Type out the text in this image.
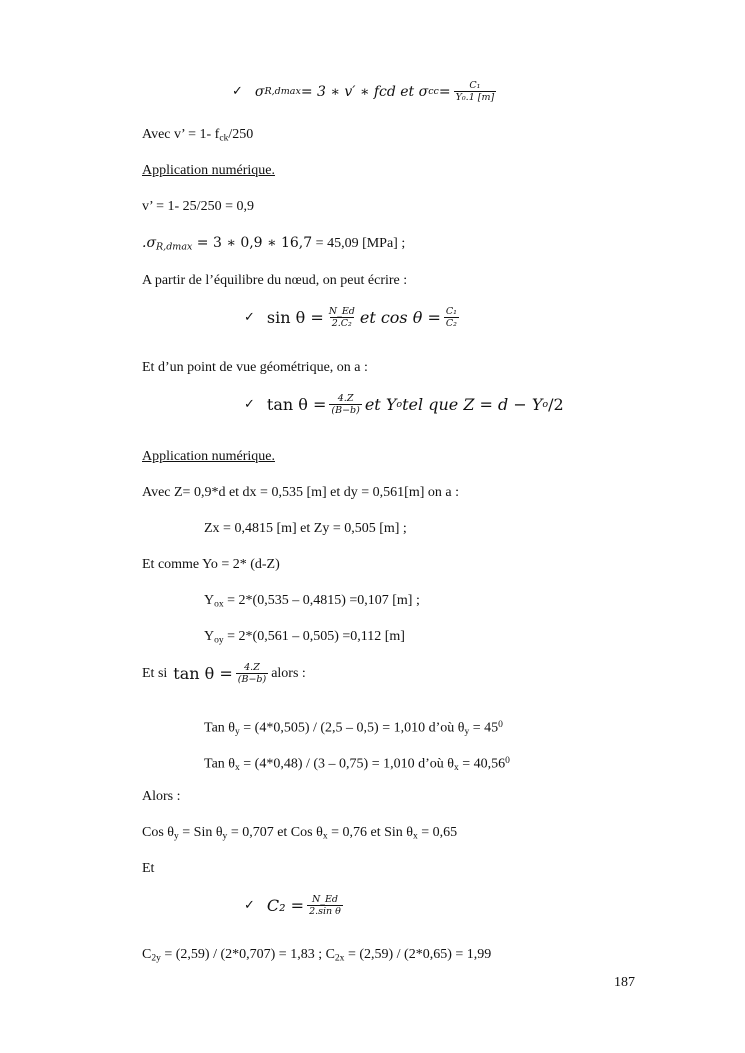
✓ σ R,dmax = 3 ∗ v′ ∗ fcd et σ cc = $\frac{\text{C₁}}{\text{Y₀.1 [m]}}$
Avec v’ = 1- $f_{ck}/250$
Application numérique.
v’ = 1- 25/250 = 0,9
$.\sigma_{R,dmax} = 3$ ∗ 0,9 ∗ 16,7 = 45,09 [MPa] ;
A partir de l’équilibre du nœud, on peut écrire :
✓ $\sin \theta = \frac{N\_Ed}{\text{2.C₂}}$ et $\cos \theta = \frac{\text{C₁}}{\text{C₂}}$
Et d’un point de vue géométrique, on a :
✓ $\tan \theta = \frac{4.Z}{(B-b)}$ et Y o tel que Z = d − Y o /2
Application numérique.
Avec Z= 0,9*d et dx = 0,535 [m] et dy = 0,561[m] on a :
Zx = 0,4815 [m] et Zy = 0,505 [m] ;
Et comme Yo = 2* (d-Z)
$Y_{ox} = 2*(0,535 - 0,4815) =0,107$ [m] ;
$Y_{oy} = 2*(0,561 - 0,505) =0,112$ [m]
Et si $\tan \theta = \frac{4.Z}{(B-b)}$ alors :
Tan $\theta_y = (4*0,505) / (2,5 - 0,5) = 1,010$ d’où $\theta_y = 45^0$
Tan $\theta_x = (4*0,48) / (3 - 0,75) = 1,010$ d’où $\theta_x = 40,56^0$
Alors :
Cos $\theta_y$ = Sin $\theta_y = 0,707$ et Cos $\theta_x = 0,76$ et Sin $\theta_x = 0,65$
Et
✓ $C_2 = \frac{N\_Ed}{\text{2.sin θ}}$
$C_{2y} = (2,59) / (2*0,707) = 1,83$ ; $C_{2x} = (2,59) / (2*0,65) = 1,99$
187
